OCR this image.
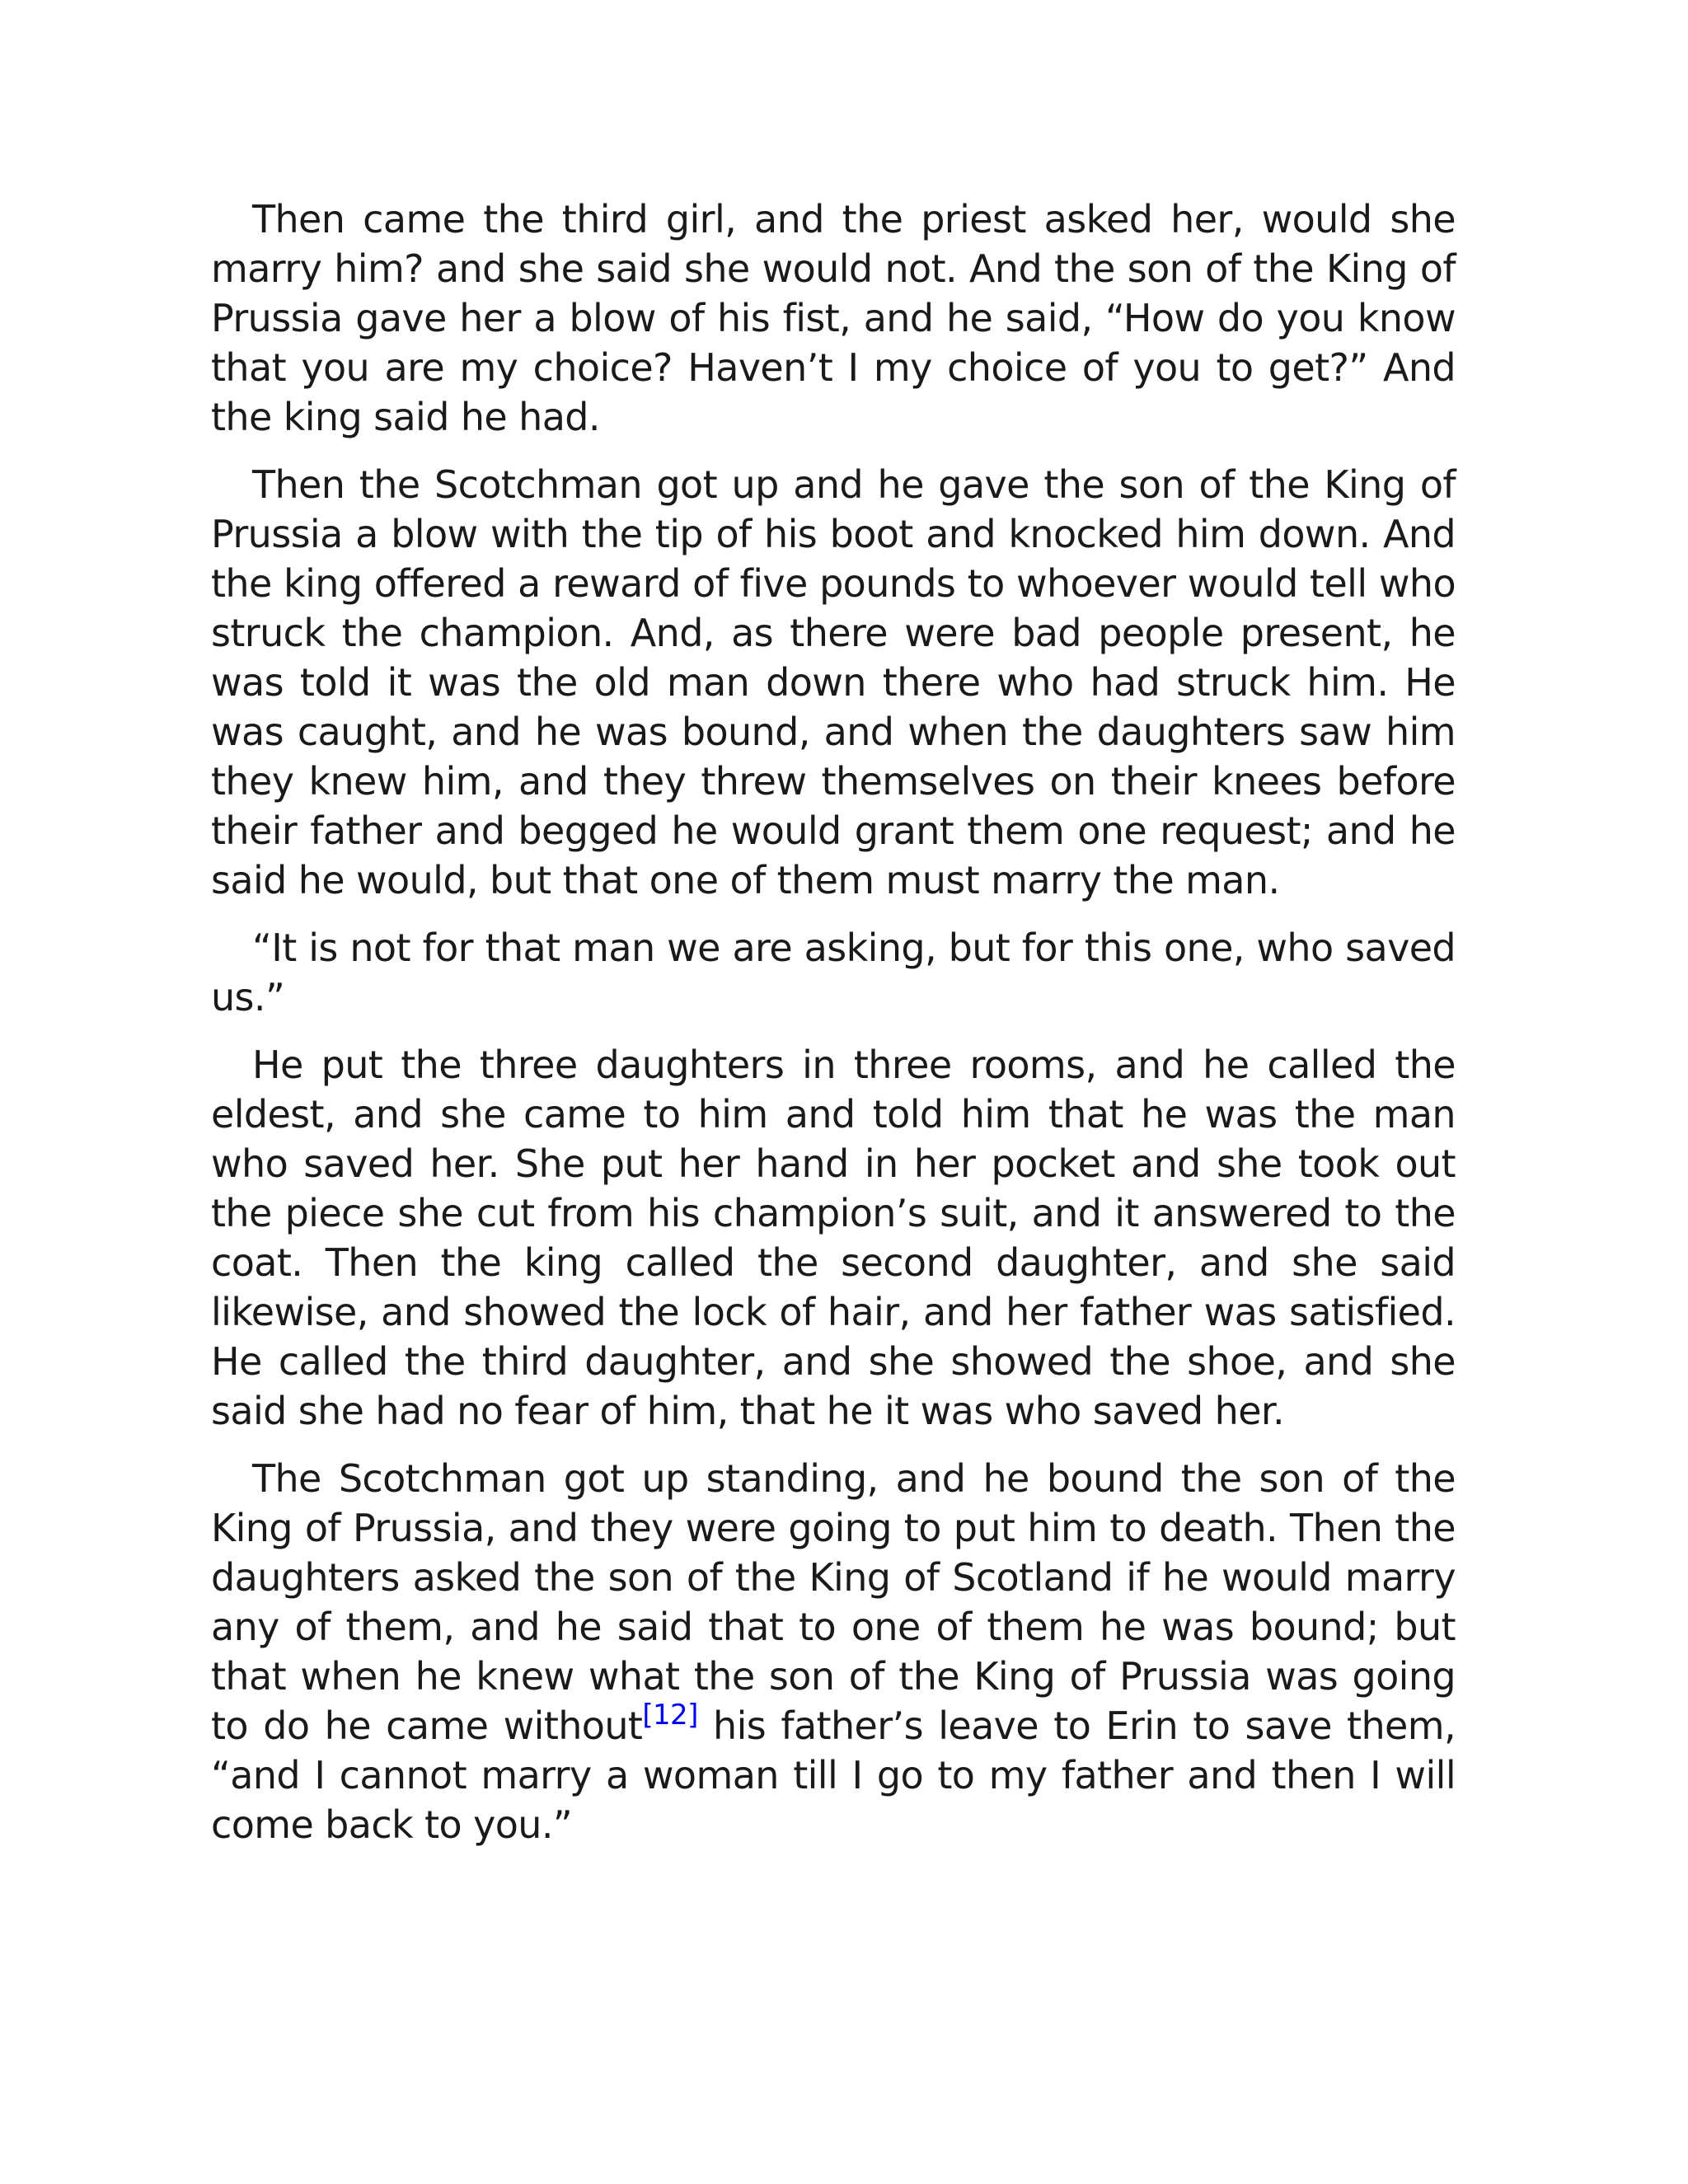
Then came the third girl, and the priest asked her, would she marry him? and she said she would not. And the son of the King of Prussia gave her a blow of his fist, and he said, “How do you know that you are my choice? Haven’t I my choice of you to get?” And the king said he had.

Then the Scotchman got up and he gave the son of the King of Prussia a blow with the tip of his boot and knocked him down. And the king offered a reward of five pounds to whoever would tell who struck the champion. And, as there were bad people present, he was told it was the old man down there who had struck him. He was caught, and he was bound, and when the daughters saw him they knew him, and they threw themselves on their knees before their father and begged he would grant them one request; and he said he would, but that one of them must marry the man.

“It is not for that man we are asking, but for this one, who saved us.”

He put the three daughters in three rooms, and he called the eldest, and she came to him and told him that he was the man who saved her. She put her hand in her pocket and she took out the piece she cut from his champion’s suit, and it answered to the coat. Then the king called the second daughter, and she said likewise, and showed the lock of hair, and her father was satisfied. He called the third daughter, and she showed the shoe, and she said she had no fear of him, that he it was who saved her.

The Scotchman got up standing, and he bound the son of the King of Prussia, and they were going to put him to death. Then the daughters asked the son of the King of Scotland if he would marry any of them, and he said that to one of them he was bound; but that when he knew what the son of the King of Prussia was going to do he came without[12] his father’s leave to Erin to save them, “and I cannot marry a woman till I go to my father and then I will come back to you.”
